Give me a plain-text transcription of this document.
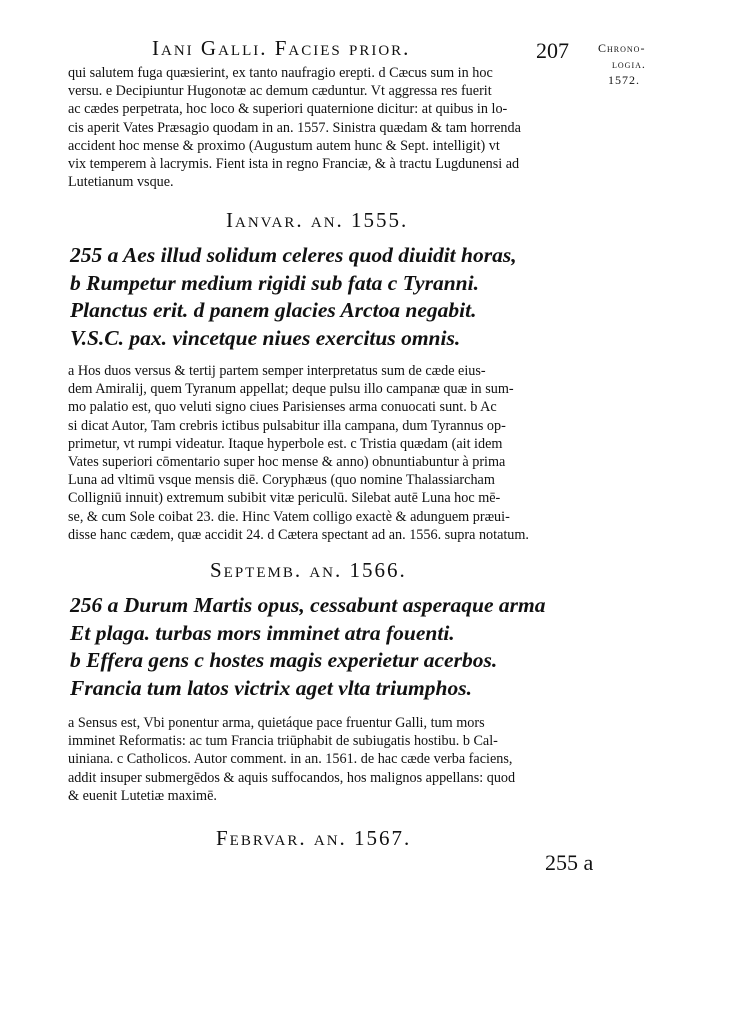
Iani Galli. Facies prior.	207 Chrono-
logia.
1572.
qui salutem fuga quæsierint, ex tanto naufragio erepti. d Cæcus sum in hoc
versu. e Decipiuntur Hugonotæ ac demum cæduntur. Vt aggressa res fuerit
ac cædes perpetrata, hoc loco & superiori quaternione dicitur: at quibus in lo-
cis aperit Vates Præsagio quodam in an. 1557. Sinistra quædam & tam horrenda
accident hoc mense & proximo (Augustum autem hunc & Sept. intelligit) vt
vix temperem à lacrymis. Fient ista in regno Franciæ, & à tractu Lugdunensi ad
Lutetianum vsque.
Ianvar. an. 1555.
255 a Aes illud solidum celeres quod diuidit horas,
b Rumpetur medium rigidi sub fata c Tyranni.
Planctus erit. d panem glacies Arctoa negabit.
V.S.C. pax. vincetque niues exercitus omnis.
a Hos duos versus & tertij partem semper interpretatus sum de cæde eius-
dem Amiralij, quem Tyranum appellat; deque pulsu illo campanæ quæ in sum-
mo palatio est, quo veluti signo ciues Parisienses arma conuocati sunt. b Ac
si dicat Autor, Tam crebris ictibus pulsabitur illa campana, dum Tyrannus op-
primetur, vt rumpi videatur. Itaque hyperbole est. c Tristia quædam (ait idem
Vates superiori cōmentario super hoc mense & anno) obnuntiabuntur à prima
Luna ad vltimū vsque mensis diē. Coryphæus (quo nomine Thalassiarcham
Colligniū innuit) extremum subibit vitæ periculū. Silebat autē Luna hoc mē-
se, & cum Sole coibat 23. die. Hinc Vatem colligo exactè & adunguem præui-
disse hanc cædem, quæ accidit 24. d Cætera spectant ad an. 1556. supra notatum.
Septemb. an. 1566.
256 a Durum Martis opus, cessabunt asperaque arma
Et plaga. turbas mors imminet atra fouenti.
b Effera gens c hostes magis experietur acerbos.
Francia tum latos victrix aget vlta triumphos.
a Sensus est, Vbi ponentur arma, quietáque pace fruentur Galli, tum mors
imminet Reformatis: ac tum Francia triūphabit de subiugatis hostibu. b Cal-
uiniana. c Catholicos. Autor comment. in an. 1561. de hac cæde verba faciens,
addit insuper submergēdos & aquis suffocandos, hos malignos appellans: quod
& euenit Lutetiæ maximē.
Febrvar. an. 1567.
255 a
